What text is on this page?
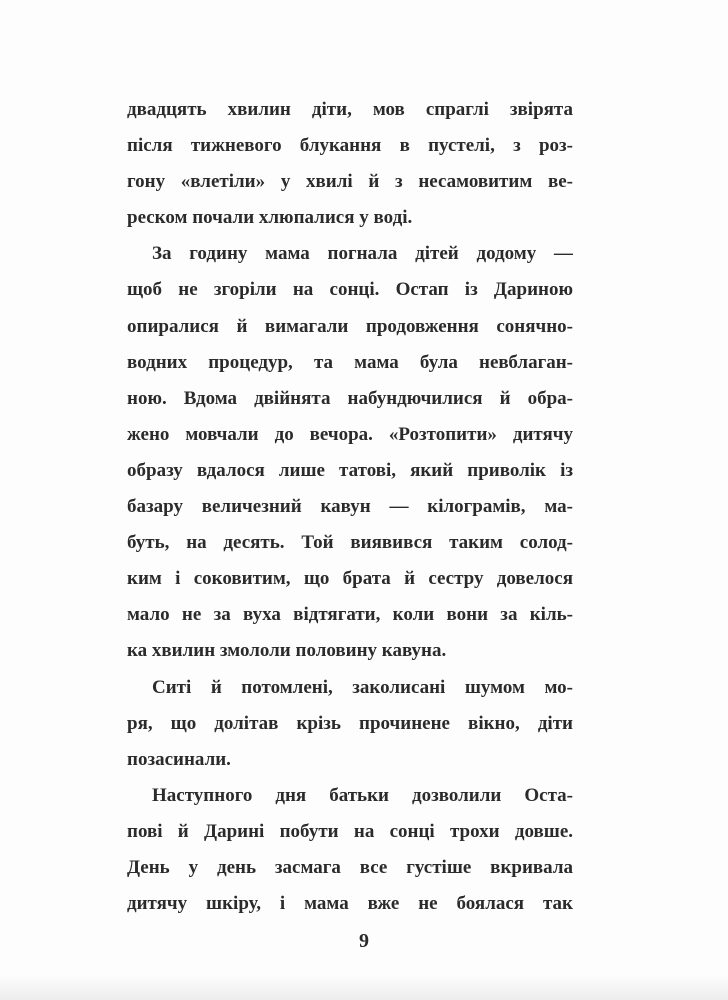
двадцять хвилин діти, мов спраглі звірята
після тижневого блукання в пустелі, з роз-
гону «влетіли» у хвилі й з несамовитим ве-
реском почали хлюпалися у воді.
За годину мама погнала дітей додому —
щоб не згоріли на сонці. Остап із Дариною
опиралися й вимагали продовження сонячно-
водних процедур, та мама була невблаган-
ною. Вдома двійнята набундючилися й обра-
жено мовчали до вечора. «Розтопити» дитячу
образу вдалося лише татові, який приволік із
базару величезний кавун — кілограмів, ма-
буть, на десять. Той виявився таким солод-
ким і соковитим, що брата й сестру довелося
мало не за вуха відтягати, коли вони за кіль-
ка хвилин змололи половину кавуна.
Ситі й потомлені, заколисані шумом мо-
ря, що долітав крізь прочинене вікно, діти
позасинали.
Наступного дня батьки дозволили Оста-
пові й Дарині побути на сонці трохи довше.
День у день засмага все густіше вкривала
дитячу шкіру, і мама вже не боялася так
9
